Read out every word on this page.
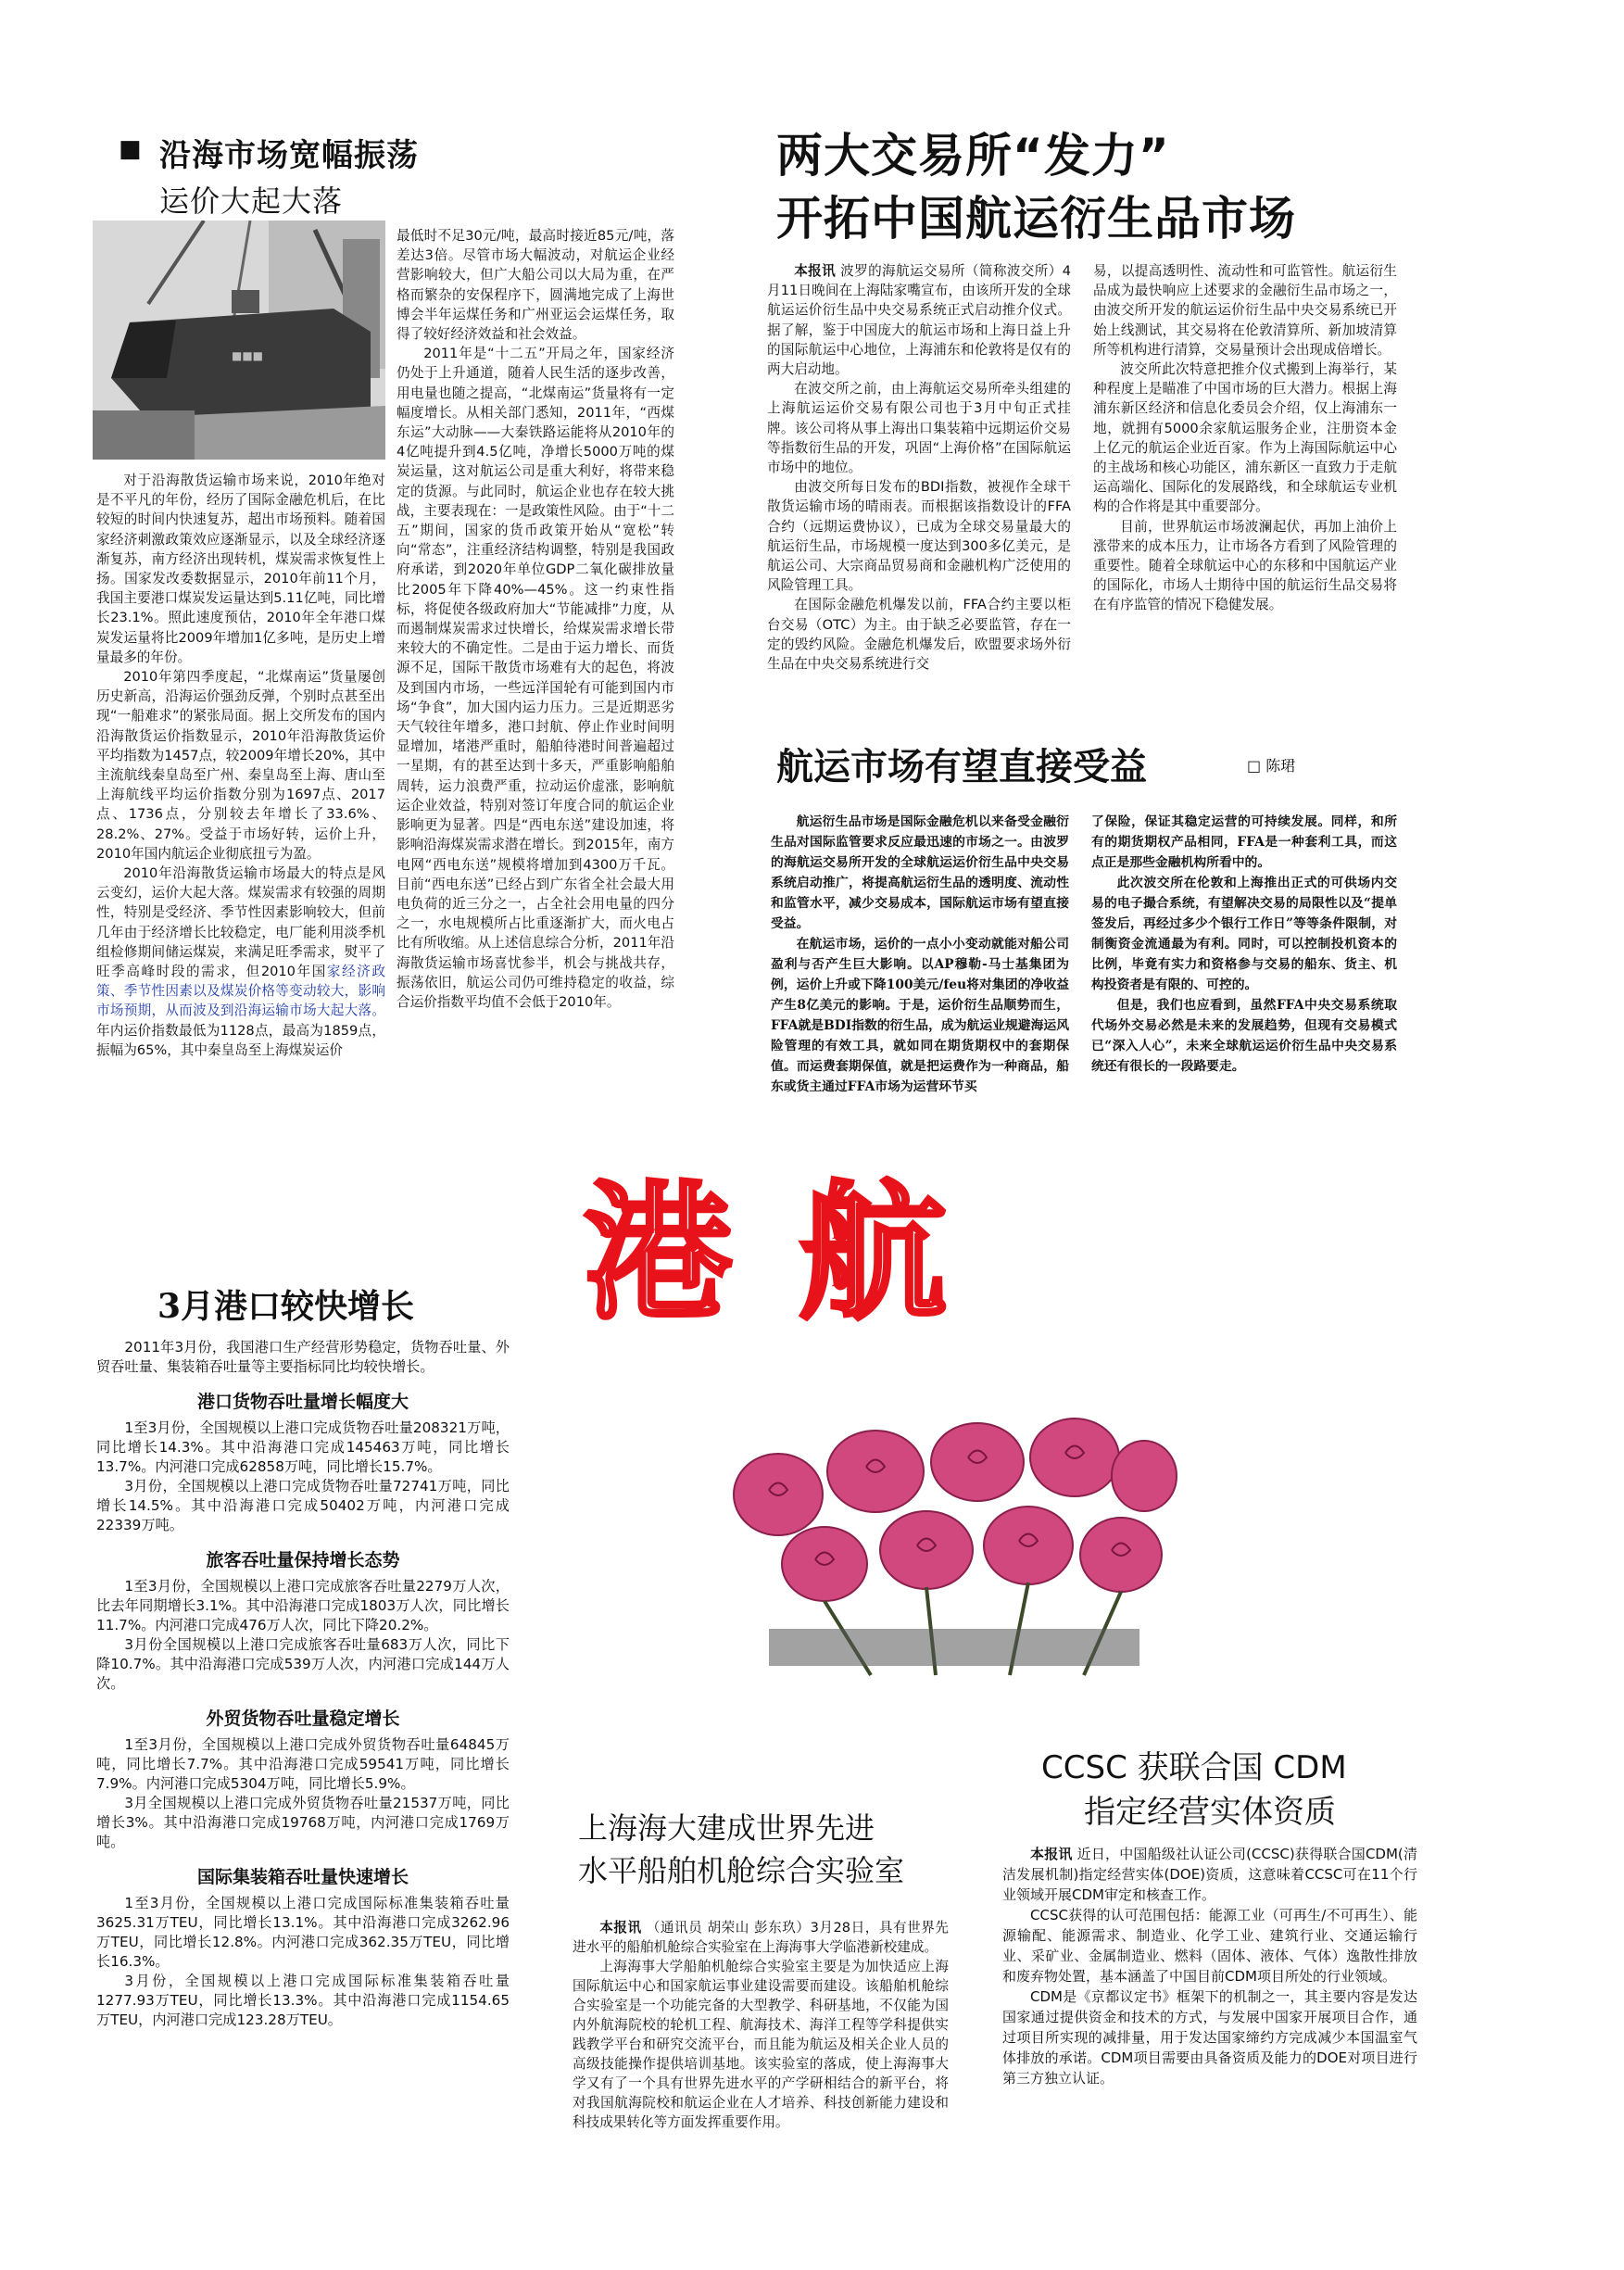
■ 沿海市场宽幅振荡
运价大起大落
■■■

对于沿海散货运输市场来说，2010年绝对是不平凡的年份，经历了国际金融危机后，在比较短的时间内快速复苏，超出市场预料。随着国家经济刺激政策效应逐渐显示，以及全球经济逐渐复苏，南方经济出现转机，煤炭需求恢复性上扬。国家发改委数据显示，2010年前11个月，我国主要港口煤炭发运量达到5.11亿吨，同比增长23.1%。照此速度预估，2010年全年港口煤炭发运量将比2009年增加1亿多吨，是历史上增量最多的年份。

2010年第四季度起，“北煤南运”货量屡创历史新高，沿海运价强劲反弹，个别时点甚至出现“一船难求”的紧张局面。据上交所发布的国内沿海散货运价指数显示，2010年沿海散货运价平均指数为1457点，较2009年增长20%，其中主流航线秦皇岛至广州、秦皇岛至上海、唐山至上海航线平均运价指数分别为1697点、2017点、1736点，分别较去年增长了33.6%、28.2%、27%。受益于市场好转，运价上升，2010年国内航运企业彻底扭亏为盈。

2010年沿海散货运输市场最大的特点是风云变幻，运价大起大落。煤炭需求有较强的周期性，特别是受经济、季节性因素影响较大，但前几年由于经济增长比较稳定，电厂能利用淡季机组检修期间储运煤炭，来满足旺季需求，熨平了旺季高峰时段的需求，但2010年国家经济政策、季节性因素以及煤炭价格等变动较大，影响市场预期，从而波及到沿海运输市场大起大落。年内运价指数最低为1128点，最高为1859点，振幅为65%，其中秦皇岛至上海煤炭运价

最低时不足30元/吨，最高时接近85元/吨，落差达3倍。尽管市场大幅波动，对航运企业经营影响较大，但广大船公司以大局为重，在严格而繁杂的安保程序下，圆满地完成了上海世博会半年运煤任务和广州亚运会运煤任务，取得了较好经济效益和社会效益。

2011年是“十二五”开局之年，国家经济仍处于上升通道，随着人民生活的逐步改善，用电量也随之提高，“北煤南运”货量将有一定幅度增长。从相关部门悉知，2011年，“西煤东运”大动脉——大秦铁路运能将从2010年的4亿吨提升到4.5亿吨，净增长5000万吨的煤炭运量，这对航运公司是重大利好，将带来稳定的货源。与此同时，航运企业也存在较大挑战，主要表现在：一是政策性风险。由于“十二五”期间，国家的货币政策开始从“宽松”转向“常态”，注重经济结构调整，特别是我国政府承诺，到2020年单位GDP二氧化碳排放量比2005年下降40%—45%。这一约束性指标，将促使各级政府加大“节能减排”力度，从而遏制煤炭需求过快增长，给煤炭需求增长带来较大的不确定性。二是由于运力增长、而货源不足，国际干散货市场难有大的起色，将波及到国内市场，一些远洋国轮有可能到国内市场“争食”，加大国内运力压力。三是近期恶劣天气较往年增多，港口封航、停止作业时间明显增加，堵港严重时，船舶待港时间普遍超过一星期，有的甚至达到十多天，严重影响船舶周转，运力浪费严重，拉动运价虚涨，影响航运企业效益，特别对签订年度合同的航运企业影响更为显著。四是“西电东送”建设加速，将影响沿海煤炭需求潜在增长。到2015年，南方电网“西电东送”规模将增加到4300万千瓦。目前“西电东送”已经占到广东省全社会最大用电负荷的近三分之一，占全社会用电量的四分之一，水电规模所占比重逐渐扩大，而火电占比有所收缩。从上述信息综合分析，2011年沿海散货运输市场喜忧参半，机会与挑战共存，振荡依旧，航运公司仍可维持稳定的收益，综合运价指数平均值不会低于2010年。

两大交易所“发力”
开拓中国航运衍生品市场

本报讯 波罗的海航运交易所（简称波交所）4月11日晚间在上海陆家嘴宣布，由该所开发的全球航运运价衍生品中央交易系统正式启动推介仪式。据了解，鉴于中国庞大的航运市场和上海日益上升的国际航运中心地位，上海浦东和伦敦将是仅有的两大启动地。

在波交所之前，由上海航运交易所牵头组建的上海航运运价交易有限公司也于3月中旬正式挂牌。该公司将从事上海出口集装箱中远期运价交易等指数衍生品的开发，巩固“上海价格”在国际航运市场中的地位。

由波交所每日发布的BDI指数，被视作全球干散货运输市场的晴雨表。而根据该指数设计的FFA合约（远期运费协议），已成为全球交易量最大的航运衍生品，市场规模一度达到300多亿美元，是航运公司、大宗商品贸易商和金融机构广泛使用的风险管理工具。

在国际金融危机爆发以前，FFA合约主要以柜台交易（OTC）为主。由于缺乏必要监管，存在一定的毁约风险。金融危机爆发后，欧盟要求场外衍生品在中央交易系统进行交

易，以提高透明性、流动性和可监管性。航运衍生品成为最快响应上述要求的金融衍生品市场之一，由波交所开发的航运运价衍生品中央交易系统已开始上线测试，其交易将在伦敦清算所、新加坡清算所等机构进行清算，交易量预计会出现成倍增长。

波交所此次特意把推介仪式搬到上海举行，某种程度上是瞄准了中国市场的巨大潜力。根据上海浦东新区经济和信息化委员会介绍，仅上海浦东一地，就拥有5000余家航运服务企业，注册资本金上亿元的航运企业近百家。作为上海国际航运中心的主战场和核心功能区，浦东新区一直致力于走航运高端化、国际化的发展路线，和全球航运专业机构的合作将是其中重要部分。

目前，世界航运市场波澜起伏，再加上油价上涨带来的成本压力，让市场各方看到了风险管理的重要性。随着全球航运中心的东移和中国航运产业的国际化，市场人士期待中国的航运衍生品交易将在有序监管的情况下稳健发展。

航运市场有望直接受益	□ 陈珺

航运衍生品市场是国际金融危机以来备受金融衍生品对国际监管要求反应最迅速的市场之一。由波罗的海航运交易所开发的全球航运运价衍生品中央交易系统启动推广，将提高航运衍生品的透明度、流动性和监管水平，减少交易成本，国际航运市场有望直接受益。

在航运市场，运价的一点小小变动就能对船公司盈利与否产生巨大影响。以AP穆勒-马士基集团为例，运价上升或下降100美元/feu将对集团的净收益产生8亿美元的影响。于是，运价衍生品顺势而生，FFA就是BDI指数的衍生品，成为航运业规避海运风险管理的有效工具，就如同在期货期权中的套期保值。而运费套期保值，就是把运费作为一种商品，船东或货主通过FFA市场为运营环节买

了保险，保证其稳定运营的可持续发展。同样，和所有的期货期权产品相同，FFA是一种套利工具，而这点正是那些金融机构所看中的。

此次波交所在伦敦和上海推出正式的可供场内交易的电子撮合系统，有望解决交易的局限性以及“提单签发后，再经过多少个银行工作日”等等条件限制，对制衡资金流通最为有利。同时，可以控制投机资本的比例，毕竟有实力和资格参与交易的船东、货主、机构投资者是有限的、可控的。

但是，我们也应看到，虽然FFA中央交易系统取代场外交易必然是未来的发展趋势，但现有交易模式已“深入人心”，未来全球航运运价衍生品中央交易系统还有很长的一段路要走。

港 航
3月港口较快增长

2011年3月份，我国港口生产经营形势稳定，货物吞吐量、外贸吞吐量、集装箱吞吐量等主要指标同比均较快增长。

港口货物吞吐量增长幅度大

1至3月份，全国规模以上港口完成货物吞吐量208321万吨，同比增长14.3%。其中沿海港口完成145463万吨，同比增长13.7%。内河港口完成62858万吨，同比增长15.7%。

3月份，全国规模以上港口完成货物吞吐量72741万吨，同比增长14.5%。其中沿海港口完成50402万吨，内河港口完成22339万吨。

旅客吞吐量保持增长态势

1至3月份，全国规模以上港口完成旅客吞吐量2279万人次，比去年同期增长3.1%。其中沿海港口完成1803万人次，同比增长11.7%。内河港口完成476万人次，同比下降20.2%。

3月份全国规模以上港口完成旅客吞吐量683万人次，同比下降10.7%。其中沿海港口完成539万人次，内河港口完成144万人次。

外贸货物吞吐量稳定增长

1至3月份，全国规模以上港口完成外贸货物吞吐量64845万吨，同比增长7.7%。其中沿海港口完成59541万吨，同比增长7.9%。内河港口完成5304万吨，同比增长5.9%。

3月全国规模以上港口完成外贸货物吞吐量21537万吨，同比增长3%。其中沿海港口完成19768万吨，内河港口完成1769万吨。

国际集装箱吞吐量快速增长

1至3月份，全国规模以上港口完成国际标准集装箱吞吐量3625.31万TEU，同比增长13.1%。其中沿海港口完成3262.96万TEU，同比增长12.8%。内河港口完成362.35万TEU，同比增长16.3%。

3月份，全国规模以上港口完成国际标准集装箱吞吐量1277.93万TEU，同比增长13.3%。其中沿海港口完成1154.65万TEU，内河港口完成123.28万TEU。

上海海大建成世界先进
水平船舶机舱综合实验室

本报讯 （通讯员 胡荣山 彭东玖）3月28日，具有世界先进水平的船舶机舱综合实验室在上海海事大学临港新校建成。

上海海事大学船舶机舱综合实验室主要是为加快适应上海国际航运中心和国家航运事业建设需要而建设。该船舶机舱综合实验室是一个功能完备的大型教学、科研基地，不仅能为国内外航海院校的轮机工程、航海技术、海洋工程等学科提供实践教学平台和研究交流平台，而且能为航运及相关企业人员的高级技能操作提供培训基地。该实验室的落成，使上海海事大学又有了一个具有世界先进水平的产学研相结合的新平台，将对我国航海院校和航运企业在人才培养、科技创新能力建设和科技成果转化等方面发挥重要作用。

CCSC 获联合国 CDM
指定经营实体资质

本报讯 近日，中国船级社认证公司(CCSC)获得联合国CDM(清洁发展机制)指定经营实体(DOE)资质，这意味着CCSC可在11个行业领域开展CDM审定和核查工作。

CCSC获得的认可范围包括：能源工业（可再生/不可再生）、能源输配、能源需求、制造业、化学工业、建筑行业、交通运输行业、采矿业、金属制造业、燃料（固体、液体、气体）逸散性排放和废弃物处置，基本涵盖了中国目前CDM项目所处的行业领域。

CDM是《京都议定书》框架下的机制之一，其主要内容是发达国家通过提供资金和技术的方式，与发展中国家开展项目合作，通过项目所实现的减排量，用于发达国家缔约方完成减少本国温室气体排放的承诺。CDM项目需要由具备资质及能力的DOE对项目进行第三方独立认证。
